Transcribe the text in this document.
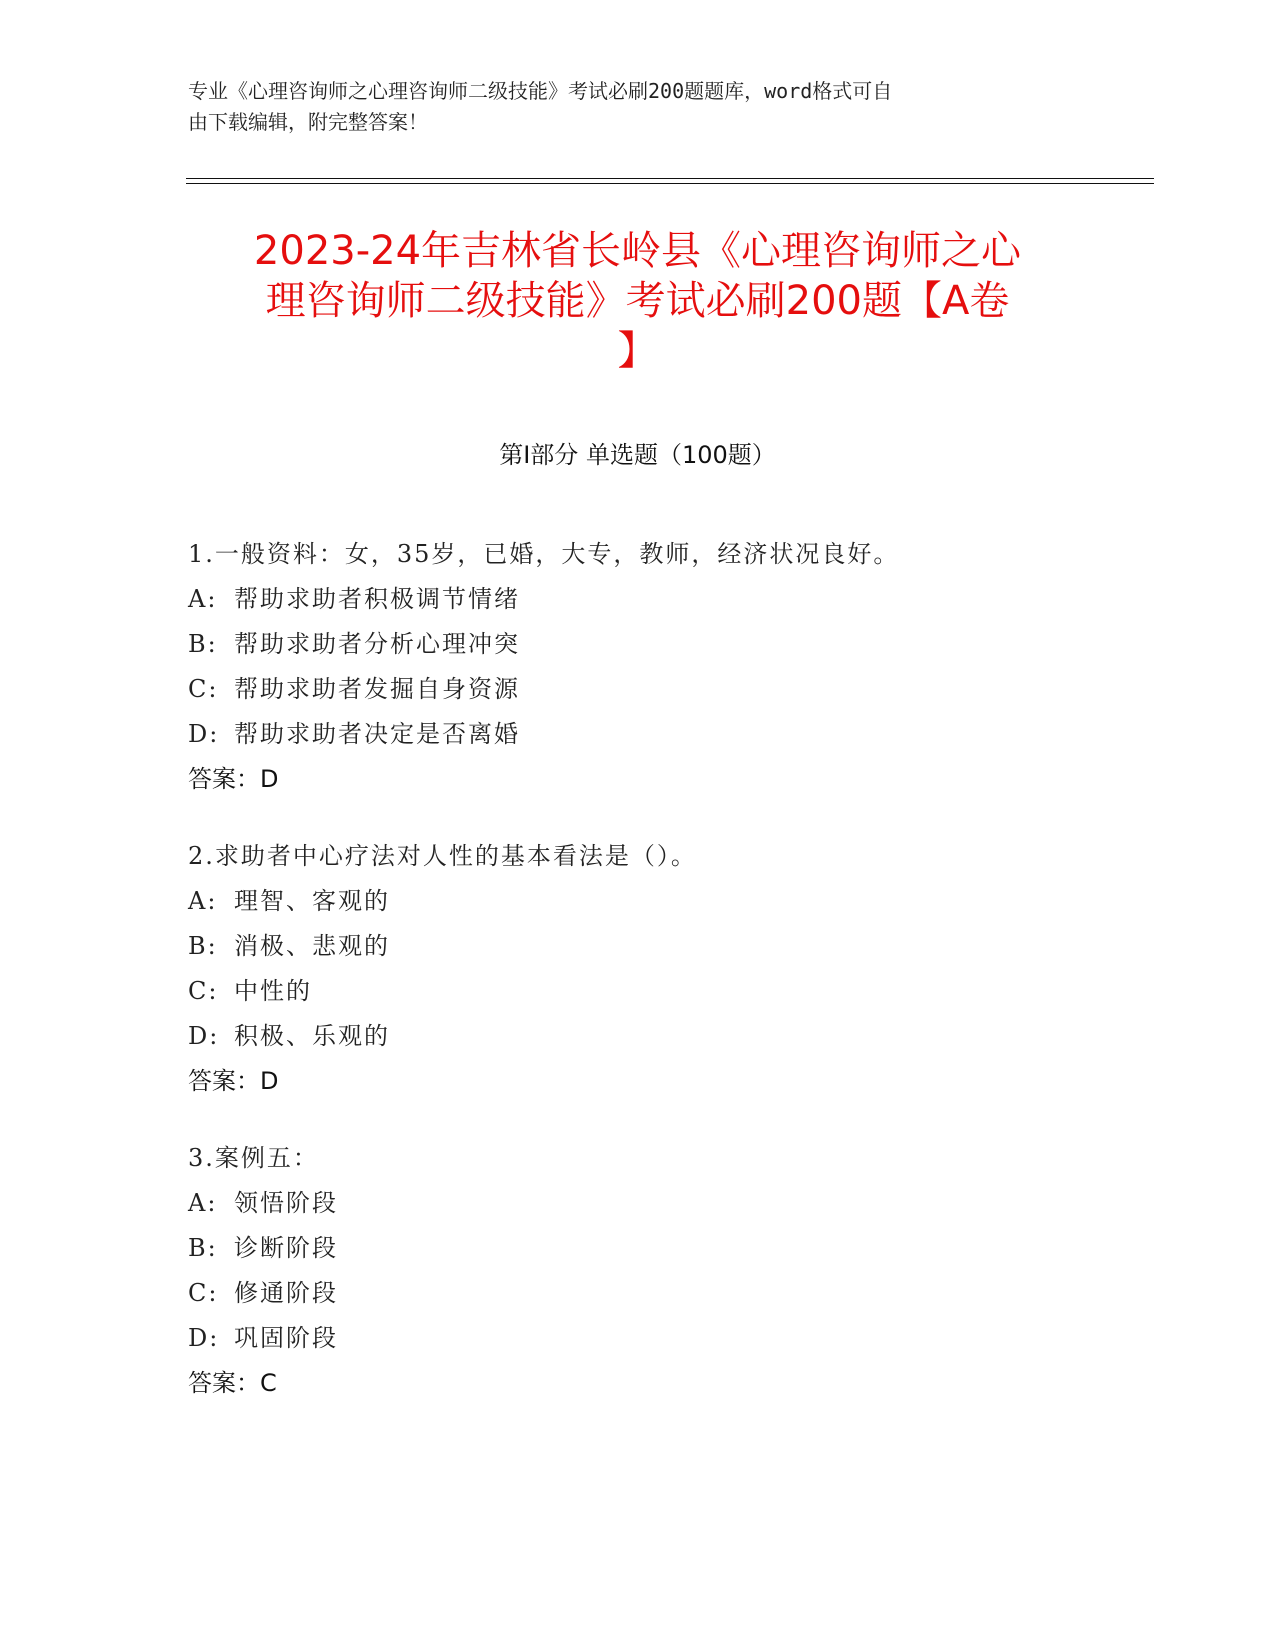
专业《心理咨询师之心理咨询师二级技能》考试必刷200题题库，word格式可自
由下载编辑，附完整答案！
2023-24年吉林省长岭县《心理咨询师之心
理咨询师二级技能》考试必刷200题【A卷
】
第Ⅰ部分 单选题（100题）
1.一般资料：女，35岁，已婚，大专，教师，经济状况良好。
A: 帮助求助者积极调节情绪
B: 帮助求助者分析心理冲突
C: 帮助求助者发掘自身资源
D: 帮助求助者决定是否离婚
答案：D
2.求助者中心疗法对人性的基本看法是（）。
A: 理智、客观的
B: 消极、悲观的
C: 中性的
D: 积极、乐观的
答案：D
3.案例五：
A: 领悟阶段
B: 诊断阶段
C: 修通阶段
D: 巩固阶段
答案：C
